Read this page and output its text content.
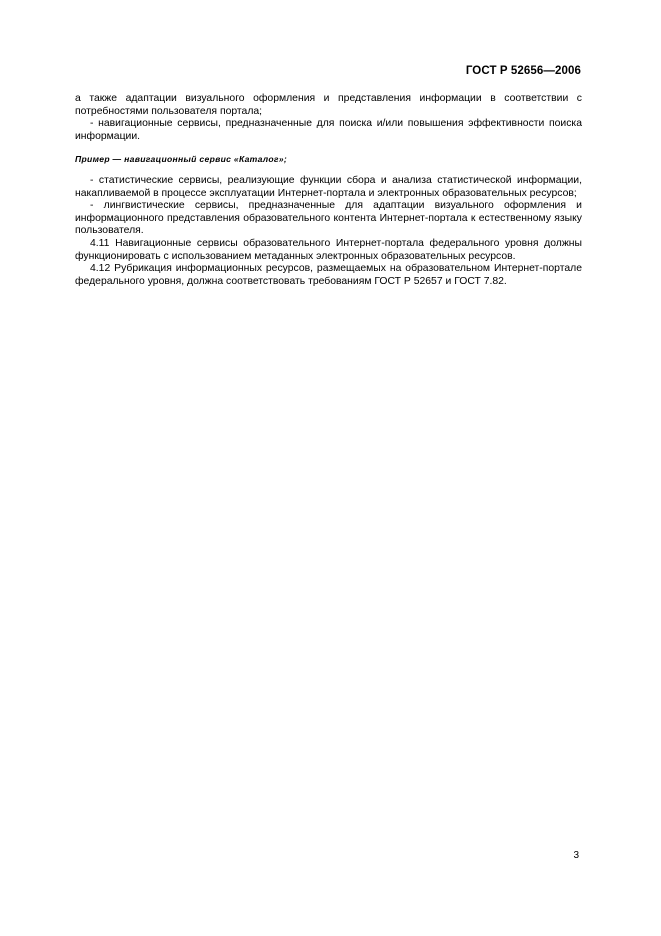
ГОСТ Р 52656—2006

а также адаптации визуального оформления и представления информации в соответствии с потребностями пользователя портала;

- навигационные сервисы, предназначенные для поиска и/или повышения эффективности поиска информации.

Пример — навигационный сервис «Каталог»;

- статистические сервисы, реализующие функции сбора и анализа статистической информации, накапливаемой в процессе эксплуатации Интернет-портала и электронных образовательных ресурсов;

- лингвистические сервисы, предназначенные для адаптации визуального оформления и информационного представления образовательного контента Интернет-портала к естественному языку пользователя.

4.11 Навигационные сервисы образовательного Интернет-портала федерального уровня должны функционировать с использованием метаданных электронных образовательных ресурсов.

4.12 Рубрикация информационных ресурсов, размещаемых на образовательном Интернет-портале федерального уровня, должна соответствовать требованиям ГОСТ Р 52657 и ГОСТ 7.82.

3
